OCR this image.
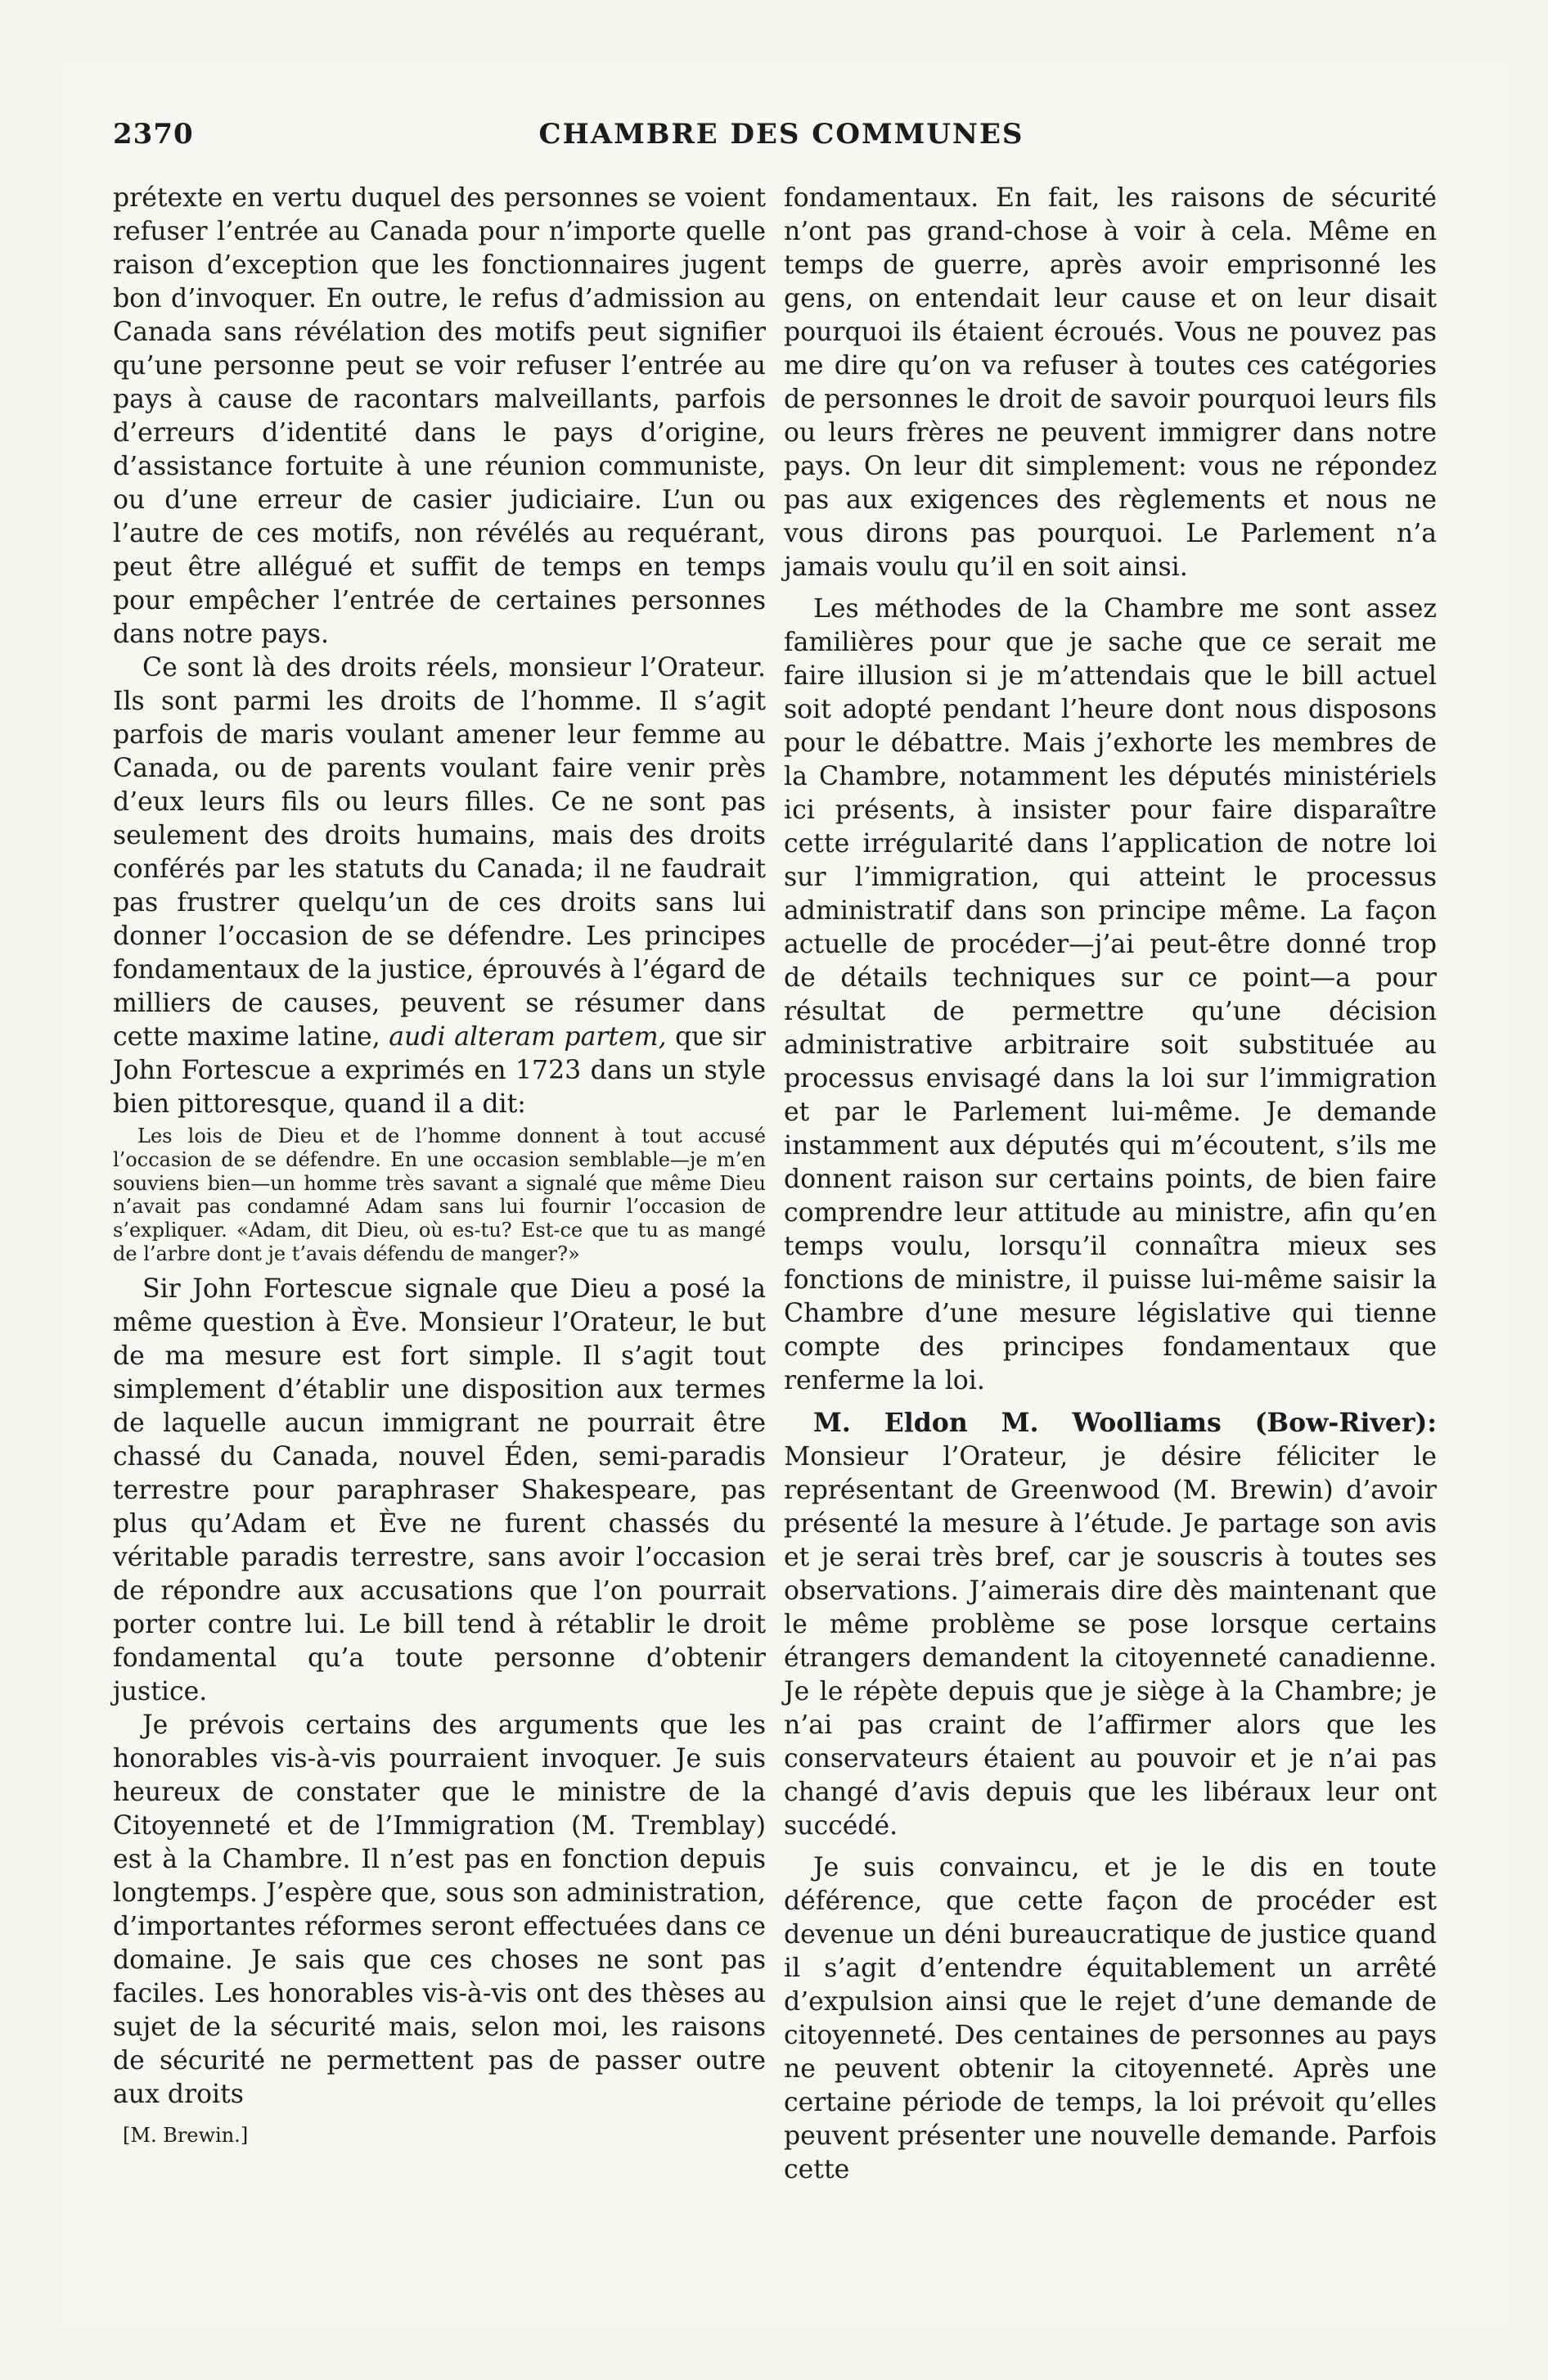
2370	CHAMBRE DES COMMUNES

prétexte en vertu duquel des personnes se voient refuser l’entrée au Canada pour n’importe quelle raison d’exception que les fonctionnaires jugent bon d’invoquer. En outre, le refus d’admission au Canada sans révélation des motifs peut signifier qu’une personne peut se voir refuser l’entrée au pays à cause de racontars malveillants, parfois d’erreurs d’identité dans le pays d’origine, d’assistance fortuite à une réunion communiste, ou d’une erreur de casier judiciaire. L’un ou l’autre de ces motifs, non révélés au requérant, peut être allégué et suffit de temps en temps pour empêcher l’entrée de certaines personnes dans notre pays.

Ce sont là des droits réels, monsieur l’Orateur. Ils sont parmi les droits de l’homme. Il s’agit parfois de maris voulant amener leur femme au Canada, ou de parents voulant faire venir près d’eux leurs fils ou leurs filles. Ce ne sont pas seulement des droits humains, mais des droits conférés par les statuts du Canada; il ne faudrait pas frustrer quelqu’un de ces droits sans lui donner l’occasion de se défendre. Les principes fondamentaux de la justice, éprouvés à l’égard de milliers de causes, peuvent se résumer dans cette maxime latine, audi alteram partem, que sir John Fortescue a exprimés en 1723 dans un style bien pittoresque, quand il a dit:

Les lois de Dieu et de l’homme donnent à tout accusé l’occasion de se défendre. En une occasion semblable—je m’en souviens bien—un homme très savant a signalé que même Dieu n’avait pas condamné Adam sans lui fournir l’occasion de s’expliquer. «Adam, dit Dieu, où es-tu? Est-ce que tu as mangé de l’arbre dont je t’avais défendu de manger?»

Sir John Fortescue signale que Dieu a posé la même question à Ève. Monsieur l’Orateur, le but de ma mesure est fort simple. Il s’agit tout simplement d’établir une disposition aux termes de laquelle aucun immigrant ne pourrait être chassé du Canada, nouvel Éden, semi-paradis terrestre pour paraphraser Shakespeare, pas plus qu’Adam et Ève ne furent chassés du véritable paradis terrestre, sans avoir l’occasion de répondre aux accusations que l’on pourrait porter contre lui. Le bill tend à rétablir le droit fondamental qu’a toute personne d’obtenir justice.

Je prévois certains des arguments que les honorables vis-à-vis pourraient invoquer. Je suis heureux de constater que le ministre de la Citoyenneté et de l’Immigration (M. Tremblay) est à la Chambre. Il n’est pas en fonction depuis longtemps. J’espère que, sous son administration, d’importantes réformes seront effectuées dans ce domaine. Je sais que ces choses ne sont pas faciles. Les honorables vis-à-vis ont des thèses au sujet de la sécurité mais, selon moi, les raisons de sécurité ne permettent pas de passer outre aux droits

[M. Brewin.]

fondamentaux. En fait, les raisons de sécurité n’ont pas grand-chose à voir à cela. Même en temps de guerre, après avoir emprisonné les gens, on entendait leur cause et on leur disait pourquoi ils étaient écroués. Vous ne pouvez pas me dire qu’on va refuser à toutes ces catégories de personnes le droit de savoir pourquoi leurs fils ou leurs frères ne peuvent immigrer dans notre pays. On leur dit simplement: vous ne répondez pas aux exigences des règlements et nous ne vous dirons pas pourquoi. Le Parlement n’a jamais voulu qu’il en soit ainsi.

Les méthodes de la Chambre me sont assez familières pour que je sache que ce serait me faire illusion si je m’attendais que le bill actuel soit adopté pendant l’heure dont nous disposons pour le débattre. Mais j’exhorte les membres de la Chambre, notamment les députés ministériels ici présents, à insister pour faire disparaître cette irrégularité dans l’application de notre loi sur l’immigration, qui atteint le processus administratif dans son principe même. La façon actuelle de procéder—j’ai peut-être donné trop de détails techniques sur ce point—a pour résultat de permettre qu’une décision administrative arbitraire soit substituée au processus envisagé dans la loi sur l’immigration et par le Parlement lui-même. Je demande instamment aux députés qui m’écoutent, s’ils me donnent raison sur certains points, de bien faire comprendre leur attitude au ministre, afin qu’en temps voulu, lorsqu’il connaîtra mieux ses fonctions de ministre, il puisse lui-même saisir la Chambre d’une mesure législative qui tienne compte des principes fondamentaux que renferme la loi.

M. Eldon M. Woolliams (Bow-River): Monsieur l’Orateur, je désire féliciter le représentant de Greenwood (M. Brewin) d’avoir présenté la mesure à l’étude. Je partage son avis et je serai très bref, car je souscris à toutes ses observations. J’aimerais dire dès maintenant que le même problème se pose lorsque certains étrangers demandent la citoyenneté canadienne. Je le répète depuis que je siège à la Chambre; je n’ai pas craint de l’affirmer alors que les conservateurs étaient au pouvoir et je n’ai pas changé d’avis depuis que les libéraux leur ont succédé.

Je suis convaincu, et je le dis en toute déférence, que cette façon de procéder est devenue un déni bureaucratique de justice quand il s’agit d’entendre équitablement un arrêté d’expulsion ainsi que le rejet d’une demande de citoyenneté. Des centaines de personnes au pays ne peuvent obtenir la citoyenneté. Après une certaine période de temps, la loi prévoit qu’elles peuvent présenter une nouvelle demande. Parfois cette
